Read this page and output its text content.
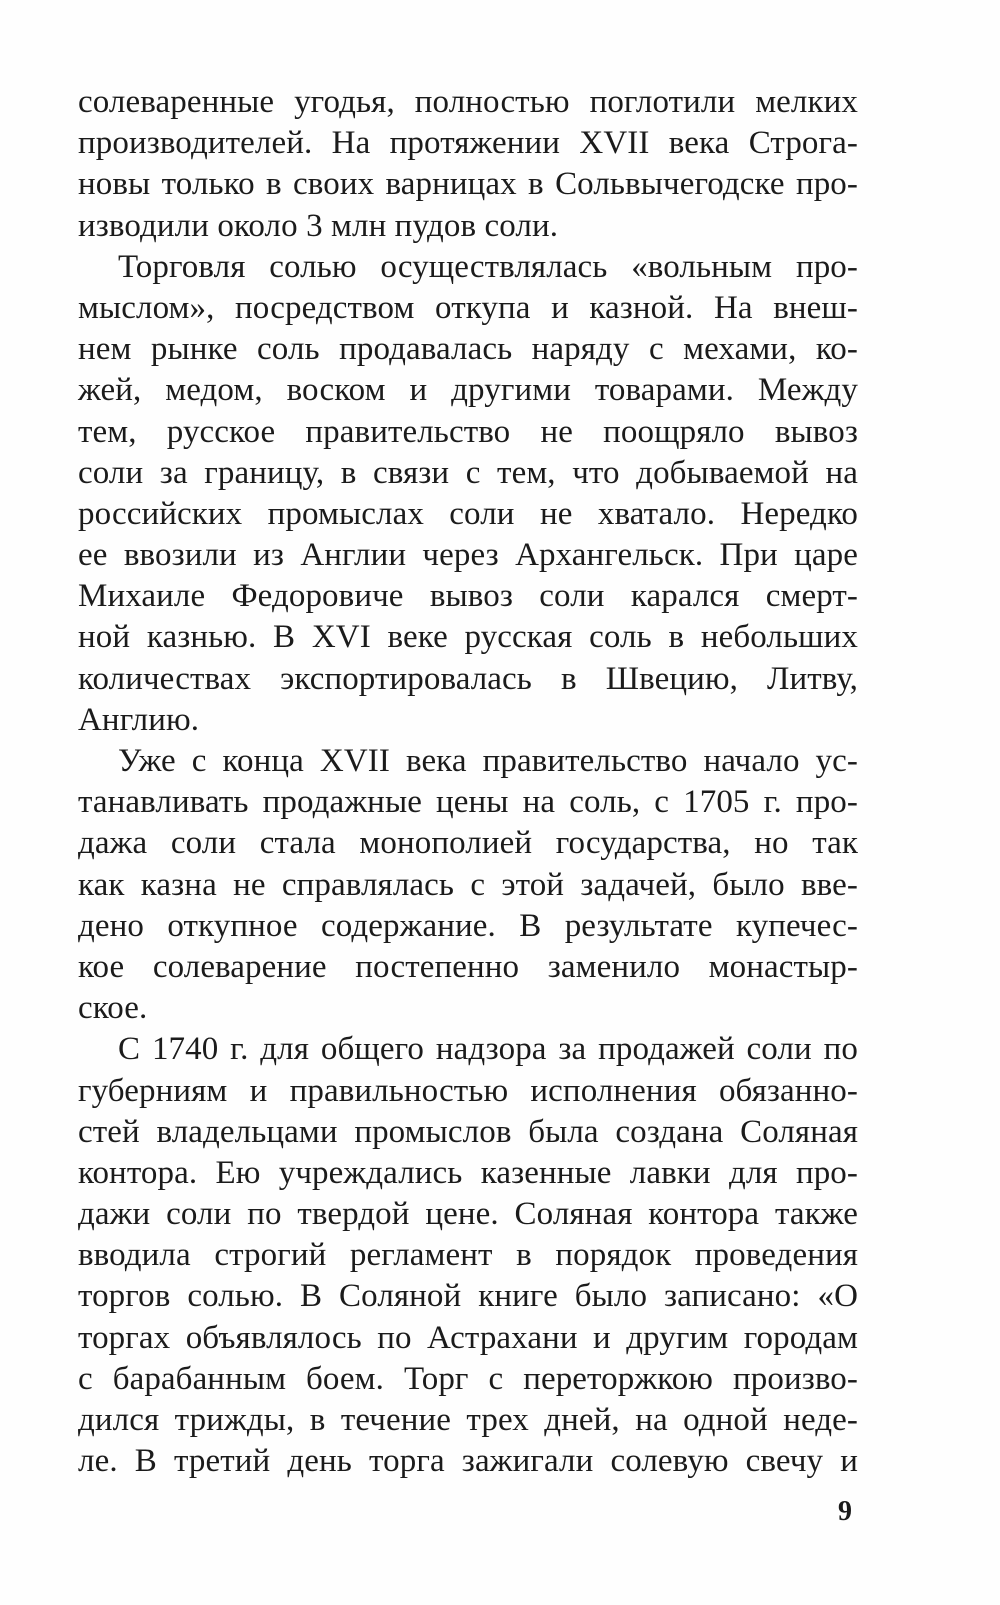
солеваренные угодья, полностью поглотили мелких
производителей. На протяжении XVII века Строга-
новы только в своих варницах в Сольвычегодске про-
изводили около 3 млн пудов соли.
Торговля солью осуществлялась «вольным про-
мыслом», посредством откупа и казной. На внеш-
нем рынке соль продавалась наряду с мехами, ко-
жей, медом, воском и другими товарами. Между
тем, русское правительство не поощряло вывоз
соли за границу, в связи с тем, что добываемой на
российских промыслах соли не хватало. Нередко
ее ввозили из Англии через Архангельск. При царе
Михаиле Федоровиче вывоз соли карался смерт-
ной казнью. В XVI веке русская соль в небольших
количествах экспортировалась в Швецию, Литву,
Англию.
Уже с конца XVII века правительство начало ус-
танавливать продажные цены на соль, с 1705 г. про-
дажа соли стала монополией государства, но так
как казна не справлялась с этой задачей, было вве-
дено откупное содержание. В результате купечес-
кое солеварение постепенно заменило монастыр-
ское.
С 1740 г. для общего надзора за продажей соли по
губерниям и правильностью исполнения обязанно-
стей владельцами промыслов была создана Соляная
контора. Ею учреждались казенные лавки для про-
дажи соли по твердой цене. Соляная контора также
вводила строгий регламент в порядок проведения
торгов солью. В Соляной книге было записано: «О
торгах объявлялось по Астрахани и другим городам
с барабанным боем. Торг с переторжкою произво-
дился трижды, в течение трех дней, на одной неде-
ле. В третий день торга зажигали солевую свечу и
9
